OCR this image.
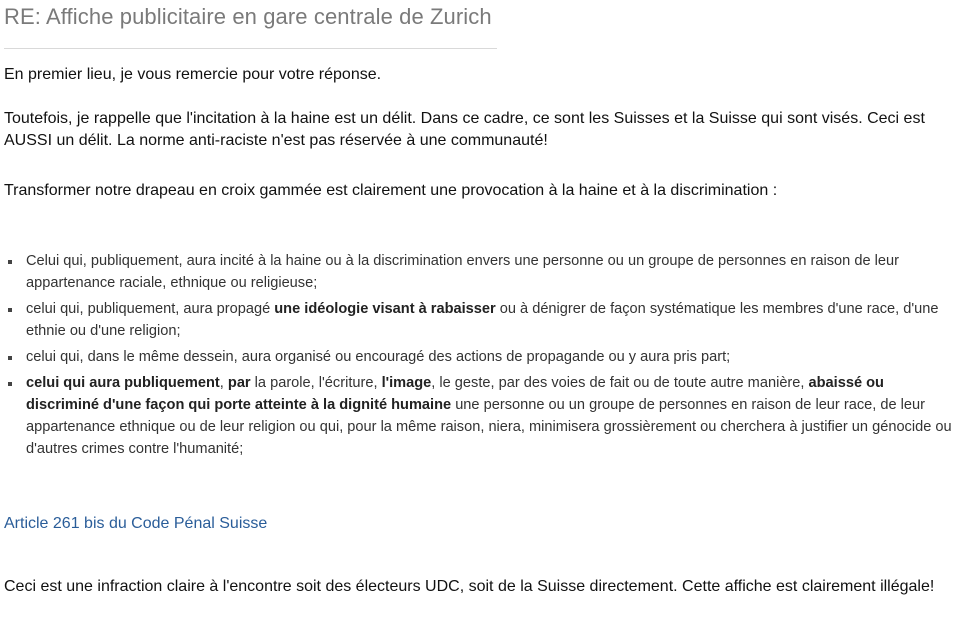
RE: Affiche publicitaire en gare centrale de Zurich
En premier lieu, je vous remercie pour votre réponse.
Toutefois, je rappelle que l'incitation à la haine est un délit. Dans ce cadre, ce sont les Suisses et la Suisse qui sont visés. Ceci est AUSSI un délit. La norme anti-raciste n'est pas réservée à une communauté!
Transformer notre drapeau en croix gammée est clairement une provocation à la haine et à la discrimination :
Celui qui, publiquement, aura incité à la haine ou à la discrimination envers une personne ou un groupe de personnes en raison de leur appartenance raciale, ethnique ou religieuse;
celui qui, publiquement, aura propagé une idéologie visant à rabaisser ou à dénigrer de façon systématique les membres d'une race, d'une ethnie ou d'une religion;
celui qui, dans le même dessein, aura organisé ou encouragé des actions de propagande ou y aura pris part;
celui qui aura publiquement, par la parole, l'écriture, l'image, le geste, par des voies de fait ou de toute autre manière, abaissé ou discriminé d'une façon qui porte atteinte à la dignité humaine une personne ou un groupe de personnes en raison de leur race, de leur appartenance ethnique ou de leur religion ou qui, pour la même raison, niera, minimisera grossièrement ou cherchera à justifier un génocide ou d'autres crimes contre l'humanité;
Article 261 bis du Code Pénal Suisse
Ceci est une infraction claire à l'encontre soit des électeurs UDC, soit de la Suisse directement. Cette affiche est clairement illégale!
